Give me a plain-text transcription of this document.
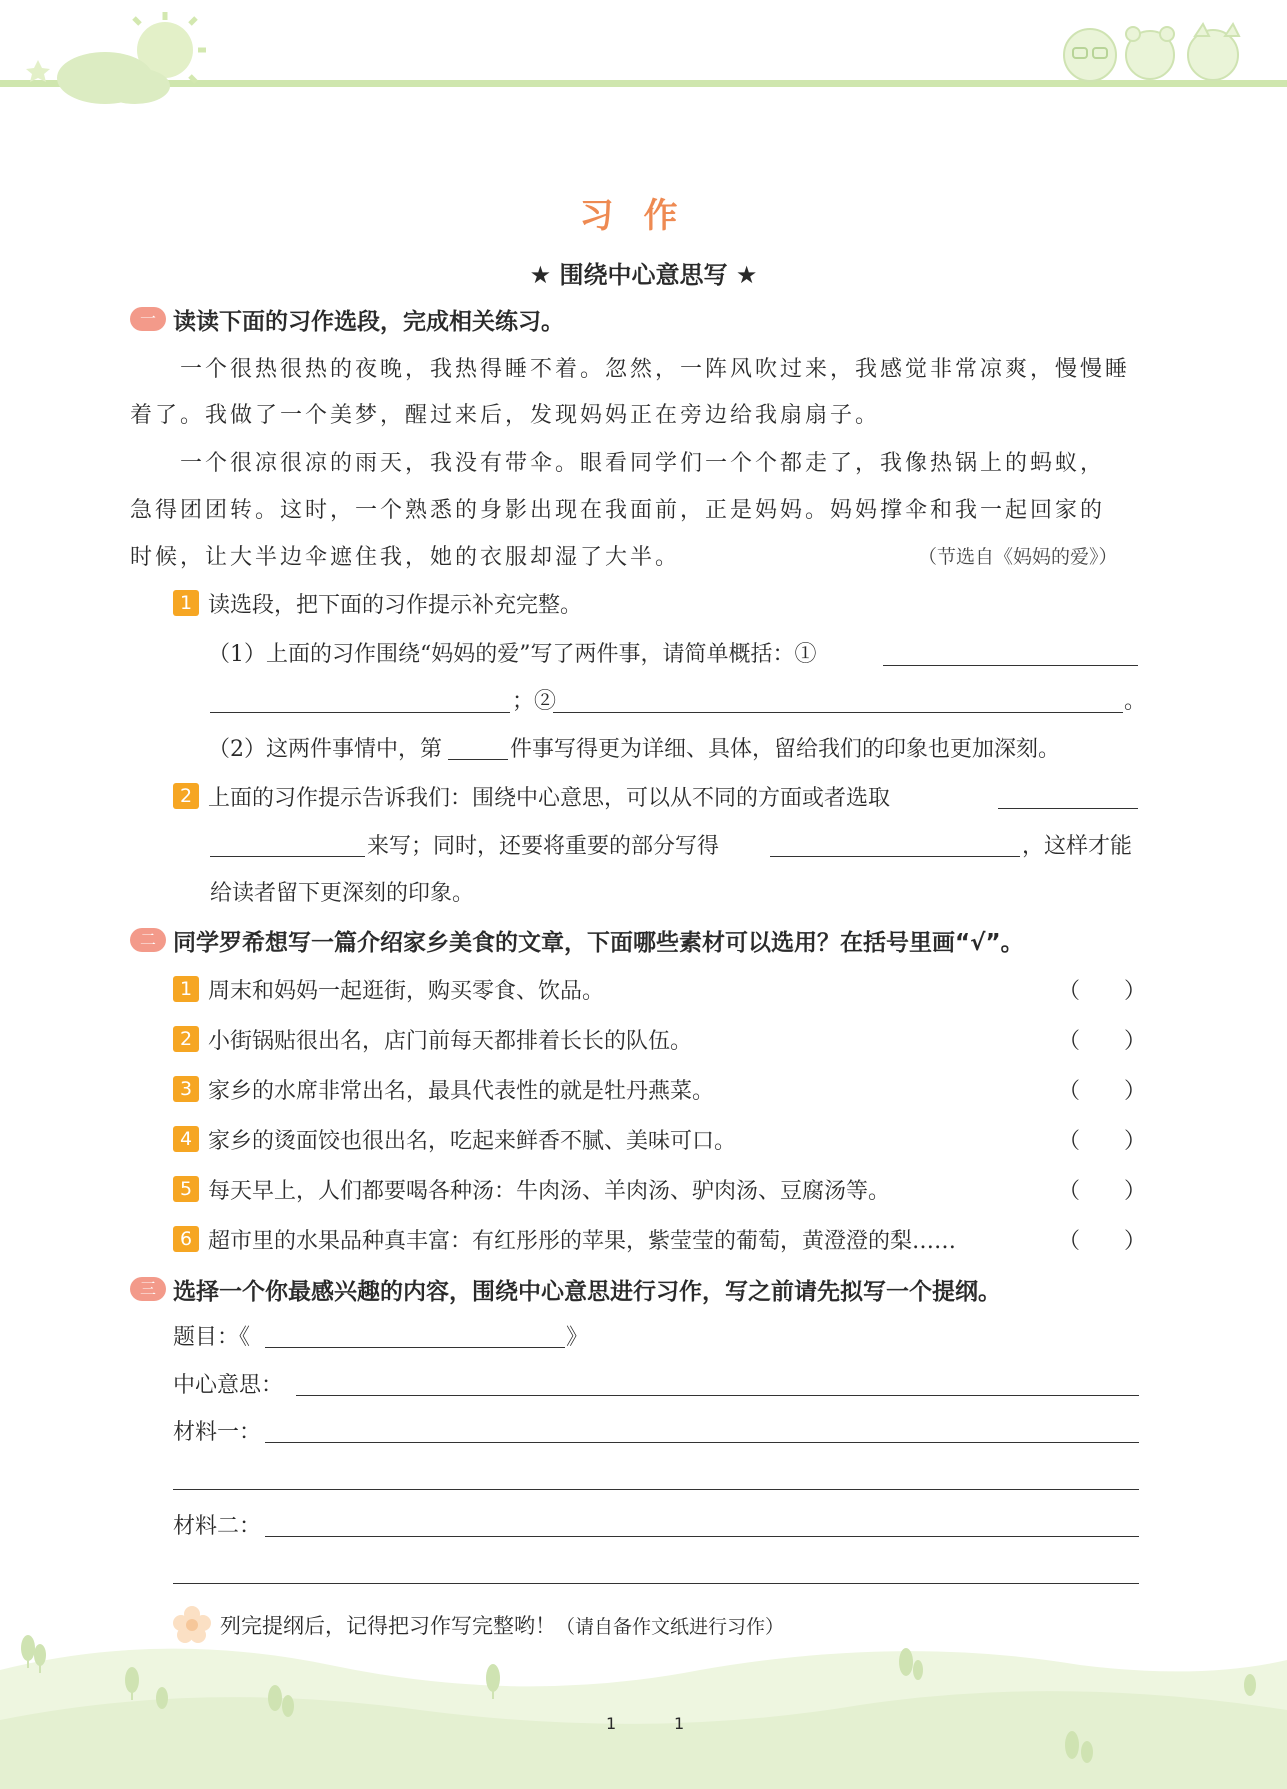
习作
★ 围绕中心意思写 ★
一 读读下面的习作选段，完成相关练习。
一个很热很热的夜晚，我热得睡不着。忽然，一阵风吹过来，我感觉非常凉爽，慢慢睡
着了。我做了一个美梦，醒过来后，发现妈妈正在旁边给我扇扇子。
一个很凉很凉的雨天，我没有带伞。眼看同学们一个个都走了，我像热锅上的蚂蚁，
急得团团转。这时，一个熟悉的身影出现在我面前，正是妈妈。妈妈撑伞和我一起回家的
时候，让大半边伞遮住我，她的衣服却湿了大半。	（节选自《妈妈的爱》）
1 读选段，把下面的习作提示补充完整。
（1）上面的习作围绕“妈妈的爱”写了两件事，请简单概括：①
；②	。
（2）这两件事情中，第	件事写得更为详细、具体，留给我们的印象也更加深刻。
2 上面的习作提示告诉我们：围绕中心意思，可以从不同的方面或者选取
来写；同时，还要将重要的部分写得	，这样才能
给读者留下更深刻的印象。
二 同学罗希想写一篇介绍家乡美食的文章，下面哪些素材可以选用？在括号里画“√”。
1 周末和妈妈一起逛街，购买零食、饮品。	（　　）
2 小街锅贴很出名，店门前每天都排着长长的队伍。	（　　）
3 家乡的水席非常出名，最具代表性的就是牡丹燕菜。	（　　）
4 家乡的烫面饺也很出名，吃起来鲜香不腻、美味可口。	（　　）
5 每天早上，人们都要喝各种汤：牛肉汤、羊肉汤、驴肉汤、豆腐汤等。	（　　）
6 超市里的水果品种真丰富：有红彤彤的苹果，紫莹莹的葡萄，黄澄澄的梨……	（　　）
三 选择一个你最感兴趣的内容，围绕中心意思进行习作，写之前请先拟写一个提纲。
题目：《	》
中心意思：
材料一：
材料二：
列完提纲后，记得把习作写完整哟！（请自备作文纸进行习作）
1	1
